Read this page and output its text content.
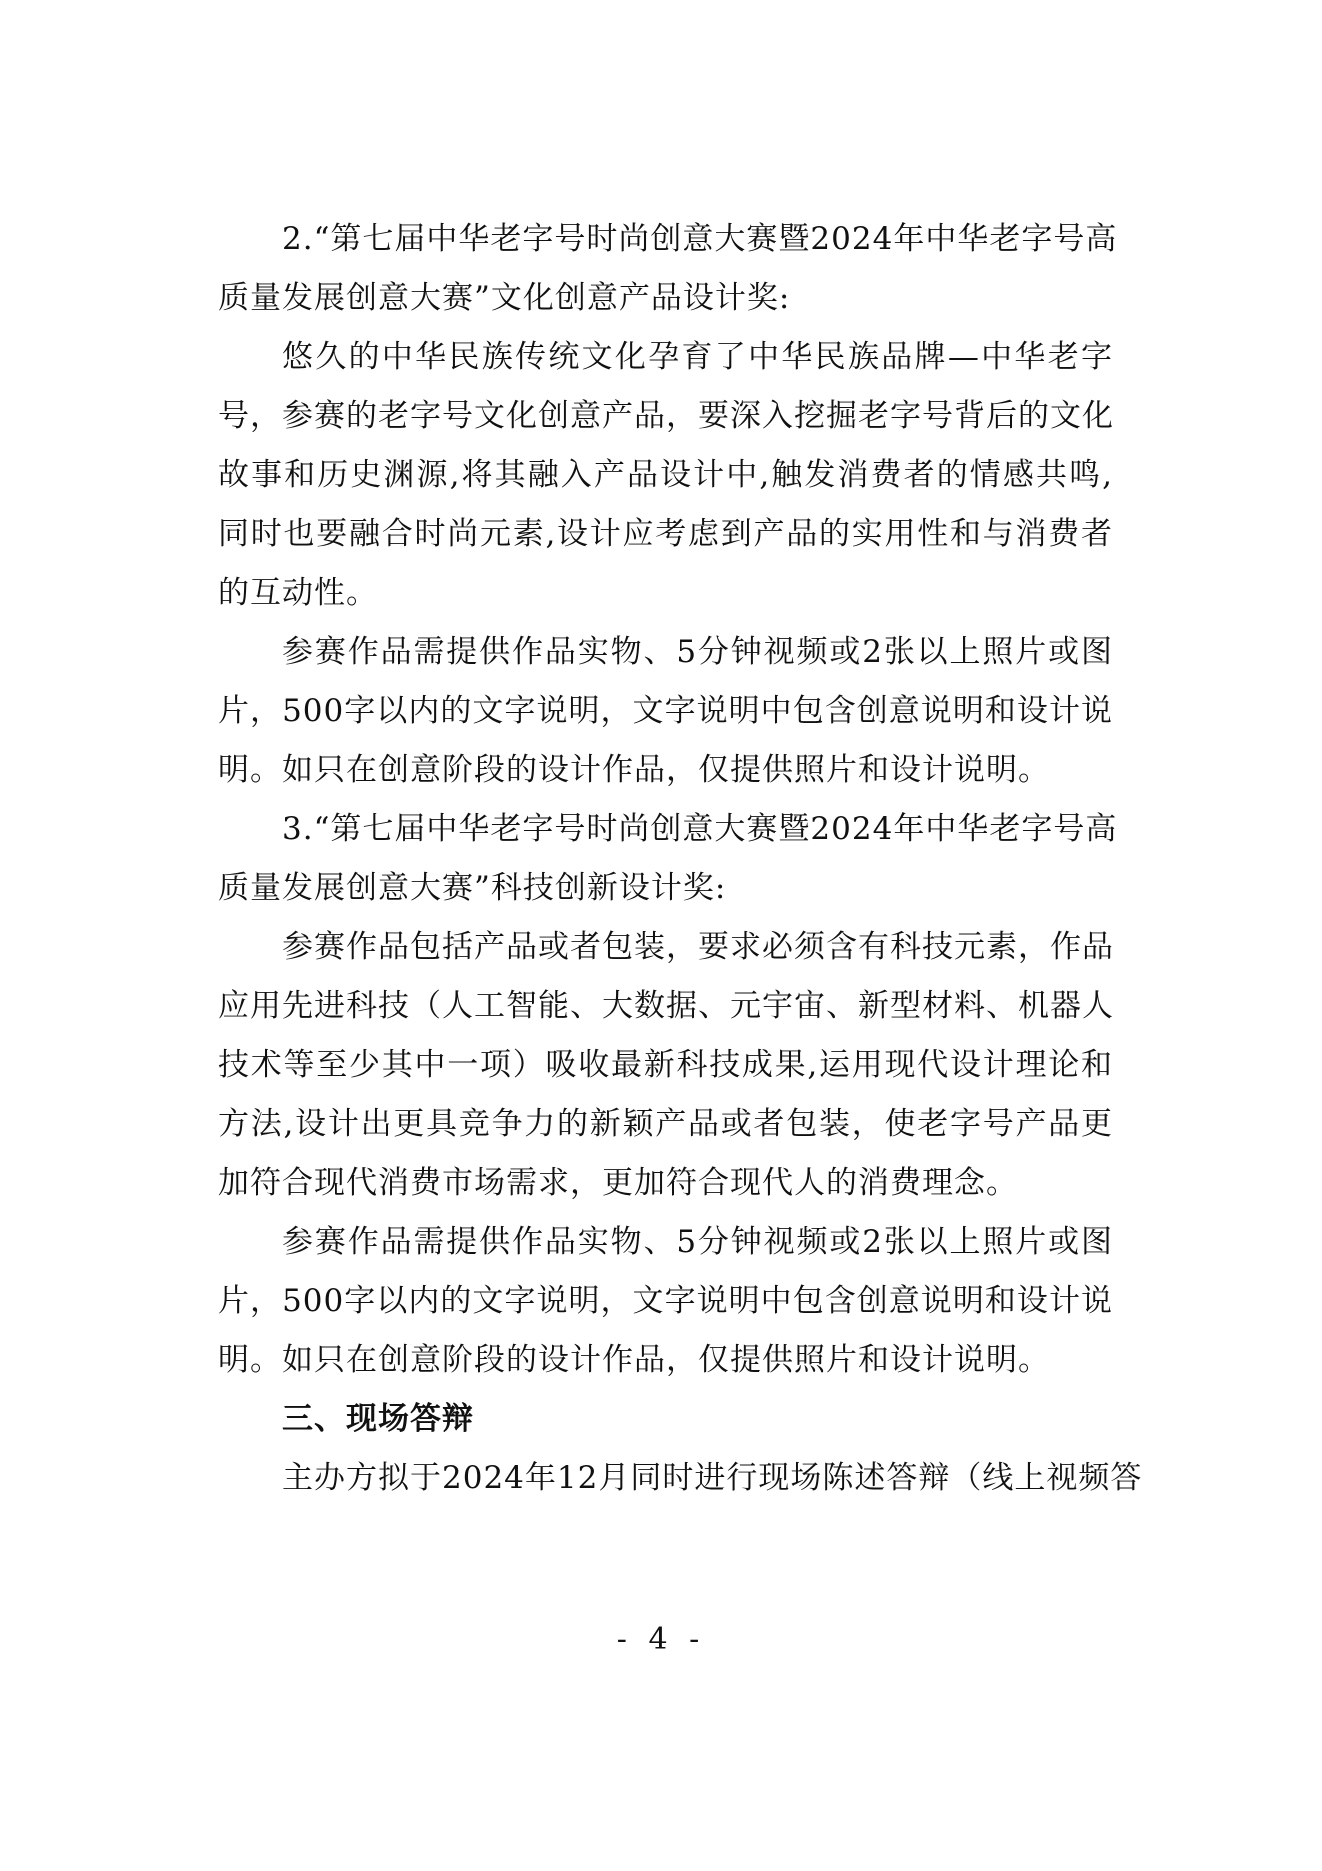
2.“第七届中华老字号时尚创意大赛暨2024年中华老字号高
质量发展创意大赛”文化创意产品设计奖:
悠久的中华民族传统文化孕育了中华民族品牌—中华老字
号，参赛的老字号文化创意产品，要深入挖掘老字号背后的文化
故事和历史渊源,将其融入产品设计中,触发消费者的情感共鸣,
同时也要融合时尚元素,设计应考虑到产品的实用性和与消费者
的互动性。
参赛作品需提供作品实物、5分钟视频或2张以上照片或图
片，500字以内的文字说明，文字说明中包含创意说明和设计说
明。如只在创意阶段的设计作品，仅提供照片和设计说明。
3.“第七届中华老字号时尚创意大赛暨2024年中华老字号高
质量发展创意大赛”科技创新设计奖:
参赛作品包括产品或者包装，要求必须含有科技元素，作品
应用先进科技（人工智能、大数据、元宇宙、新型材料、机器人
技术等至少其中一项）吸收最新科技成果,运用现代设计理论和
方法,设计出更具竞争力的新颖产品或者包装，使老字号产品更
加符合现代消费市场需求，更加符合现代人的消费理念。
参赛作品需提供作品实物、5分钟视频或2张以上照片或图
片，500字以内的文字说明，文字说明中包含创意说明和设计说
明。如只在创意阶段的设计作品，仅提供照片和设计说明。
三、现场答辩
主办方拟于2024年12月同时进行现场陈述答辩（线上视频答
- 4 -
